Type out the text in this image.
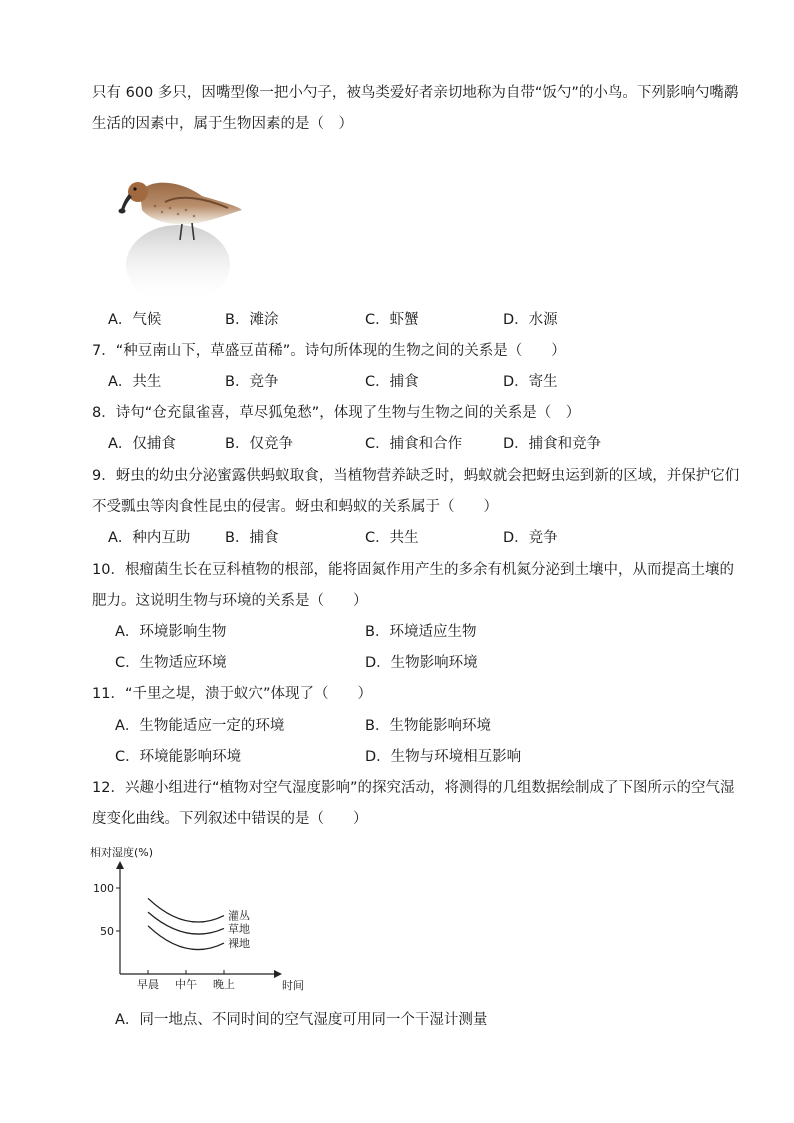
只有 600 多只，因嘴型像一把小勺子，被鸟类爱好者亲切地称为自带“饭勺”的小鸟。下列影响勺嘴鹬
生活的因素中，属于生物因素的是（　）
A．气候	B．滩涂	C．虾蟹	D．水源
7．“种豆南山下，草盛豆苗稀”。诗句所体现的生物之间的关系是（　　）
A．共生	B．竞争	C．捕食	D．寄生
8．诗句“仓充鼠雀喜，草尽狐兔愁”，体现了生物与生物之间的关系是（　）
A．仅捕食	B．仅竞争	C．捕食和合作	D．捕食和竞争
9．蚜虫的幼虫分泌蜜露供蚂蚁取食，当植物营养缺乏时，蚂蚁就会把蚜虫运到新的区域，并保护它们
不受瓢虫等肉食性昆虫的侵害。蚜虫和蚂蚁的关系属于（　　）
A．种内互助 B．捕食	C．共生	D．竞争
10．根瘤菌生长在豆科植物的根部，能将固氮作用产生的多余有机氮分泌到土壤中，从而提高土壤的
肥力。这说明生物与环境的关系是（　　）
A．环境影响生物	B．环境适应生物
C．生物适应环境	D．生物影响环境
11．“千里之堤，溃于蚁穴”体现了（　　）
A．生物能适应一定的环境	B．生物能影响环境
C．环境能影响环境	D．生物与环境相互影响
12．兴趣小组进行“植物对空气湿度影响”的探究活动，将测得的几组数据绘制成了下图所示的空气湿
度变化曲线。下列叙述中错误的是（　　）
相对湿度(%)
时间
100
50
早晨 中午 晚上
灌丛
草地
裸地
A．同一地点、不同时间的空气湿度可用同一个干湿计测量
